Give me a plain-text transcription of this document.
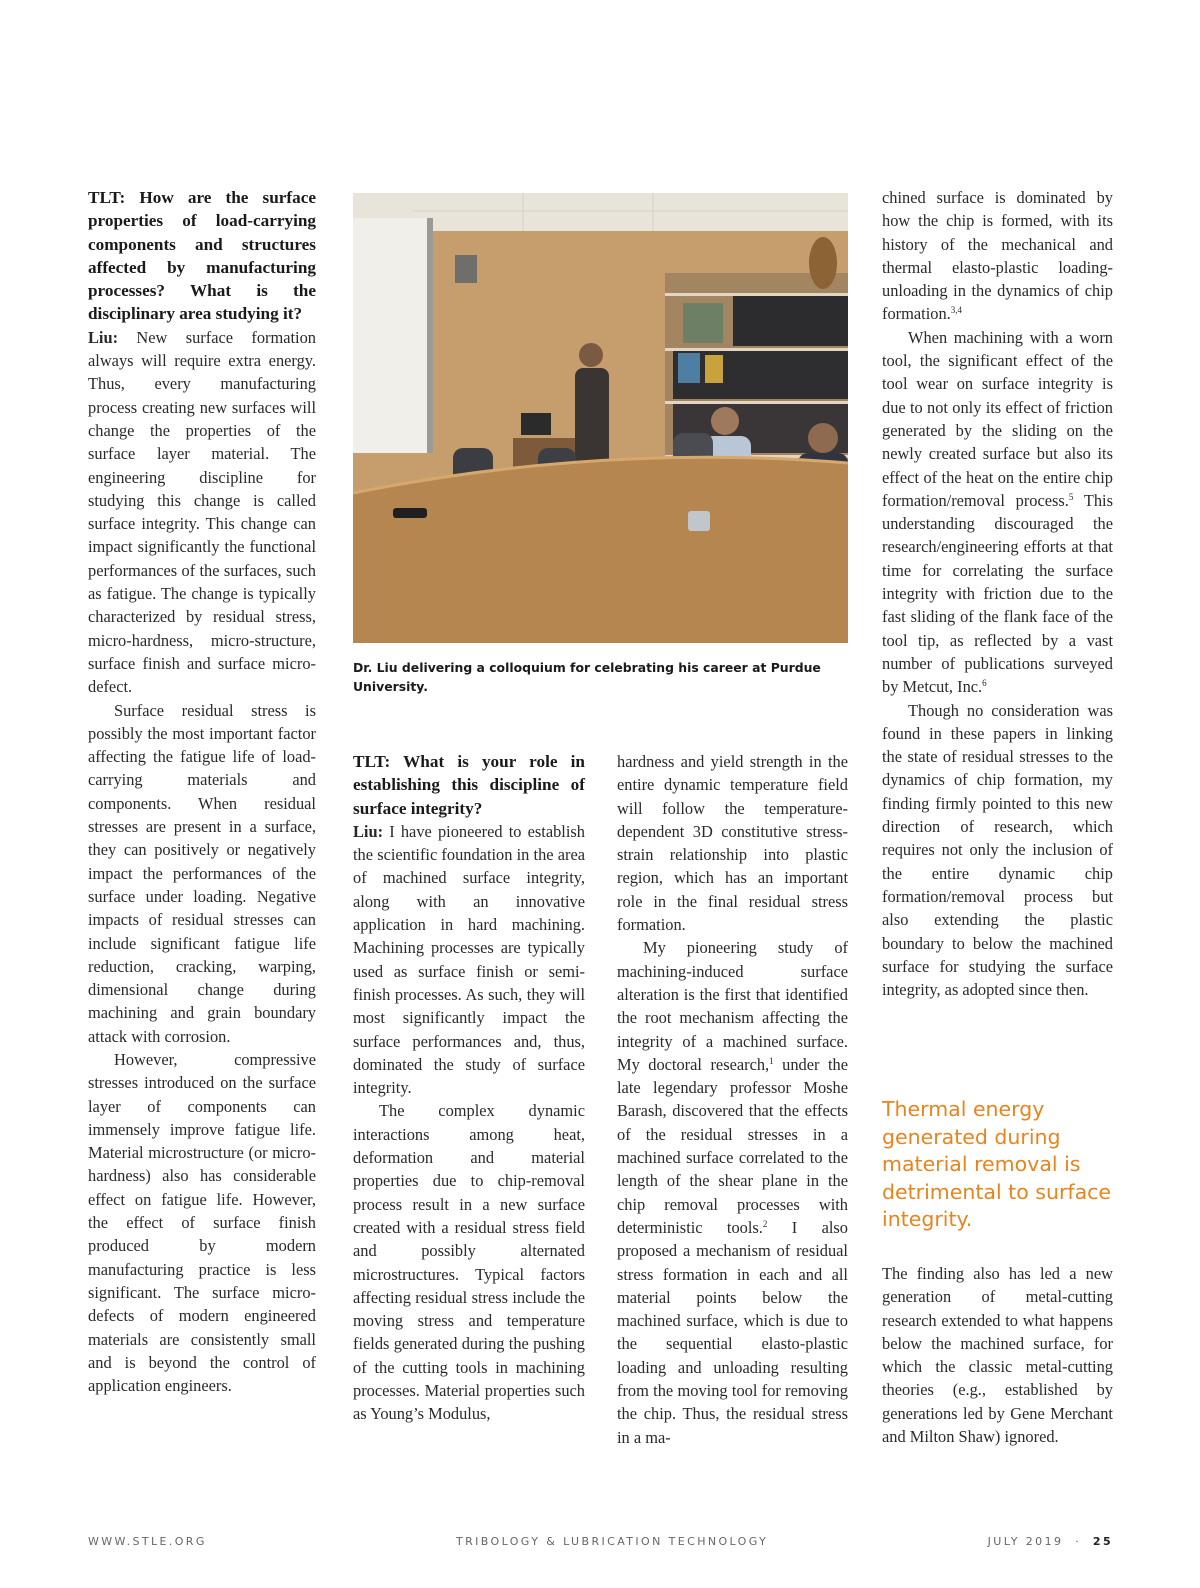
TLT: How are the surface properties of load-carrying components and structures affected by manufacturing processes? What is the disciplinary area studying it?

Liu: New surface formation always will require extra energy. Thus, every manufacturing process creating new surfaces will change the properties of the surface layer material. The engineering discipline for studying this change is called surface integrity. This change can impact significantly the functional performances of the surfaces, such as fatigue. The change is typically characterized by residual stress, micro-hardness, micro-structure, surface finish and surface micro-defect.

Surface residual stress is possibly the most important factor affecting the fatigue life of load-carrying materials and components. When residual stresses are present in a surface, they can positively or negatively impact the performances of the surface under loading. Negative impacts of residual stresses can include significant fatigue life reduction, cracking, warping, dimensional change during machining and grain boundary attack with corrosion.

However, compressive stresses introduced on the surface layer of components can immensely improve fatigue life. Material microstructure (or micro-hardness) also has considerable effect on fatigue life. However, the effect of surface finish produced by modern manufacturing practice is less significant. The surface micro-defects of modern engineered materials are consistently small and is beyond the control of application engineers.

Dr. Liu delivering a colloquium for celebrating his career at Purdue University.

TLT: What is your role in establishing this discipline of surface integrity?

Liu: I have pioneered to establish the scientific foundation in the area of machined surface integrity, along with an innovative application in hard machining. Machining processes are typically used as surface finish or semi-finish processes. As such, they will most significantly impact the surface performances and, thus, dominated the study of surface integrity.

The complex dynamic interactions among heat, deformation and material properties due to chip-removal process result in a new surface created with a residual stress field and possibly alternated microstructures. Typical factors affecting residual stress include the moving stress and temperature fields generated during the pushing of the cutting tools in machining processes. Material properties such as Young’s Modulus,

hardness and yield strength in the entire dynamic temperature field will follow the temperature-dependent 3D constitutive stress-strain relationship into plastic region, which has an important role in the final residual stress formation.

My pioneering study of machining-induced surface alteration is the first that identified the root mechanism affecting the integrity of a machined surface. My doctoral research,$^1$ under the late legendary professor Moshe Barash, discovered that the effects of the residual stresses in a machined surface correlated to the length of the shear plane in the chip removal processes with deterministic tools.$^2$ I also proposed a mechanism of residual stress formation in each and all material points below the machined surface, which is due to the sequential elasto-plastic loading and unloading resulting from the moving tool for removing the chip. Thus, the residual stress in a ma-

chined surface is dominated by how the chip is formed, with its history of the mechanical and thermal elasto-plastic loading-unloading in the dynamics of chip formation.$^{3,4}$

When machining with a worn tool, the significant effect of the tool wear on surface integrity is due to not only its effect of friction generated by the sliding on the newly created surface but also its effect of the heat on the entire chip formation/removal process.$^5$ This understanding discouraged the research/engineering efforts at that time for correlating the surface integrity with friction due to the fast sliding of the flank face of the tool tip, as reflected by a vast number of publications surveyed by Metcut, Inc.$^6$

Though no consideration was found in these papers in linking the state of residual stresses to the dynamics of chip formation, my finding firmly pointed to this new direction of research, which requires not only the inclusion of the entire dynamic chip formation/removal process but also extending the plastic boundary to below the machined surface for studying the surface integrity, as adopted since then.

Thermal energy generated during material removal is detrimental to surface integrity.

The finding also has led a new generation of metal-cutting research extended to what happens below the machined surface, for which the classic metal-cutting theories (e.g., established by generations led by Gene Merchant and Milton Shaw) ignored.

WWW.STLE.ORG	TRIBOLOGY & LUBRICATION TECHNOLOGY	JULY 2019 · 25
